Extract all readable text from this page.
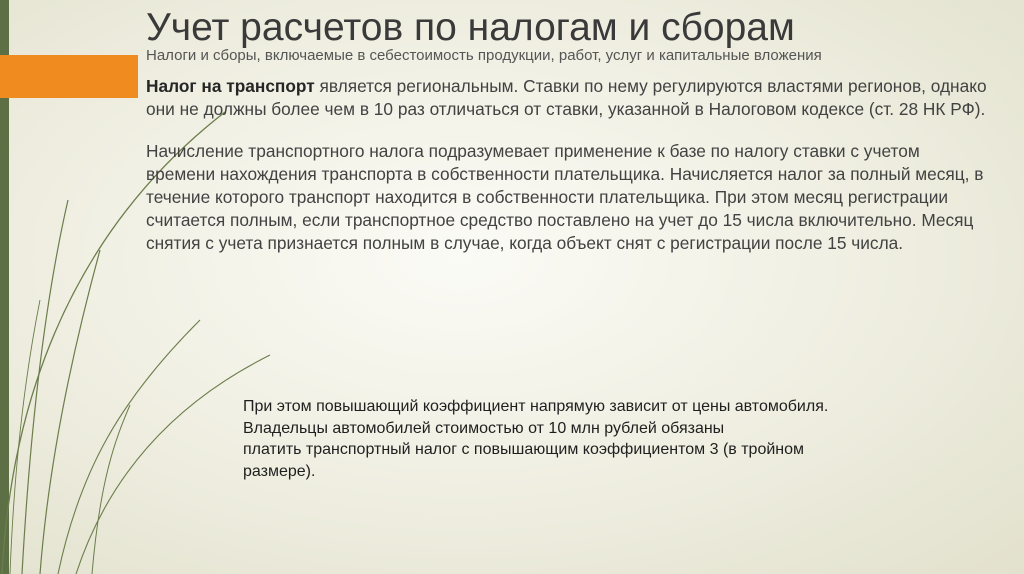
Учет расчетов по налогам и сборам
Налоги и сборы, включаемые в себестоимость продукции, работ, услуг и капитальные вложения

Налог на транспорт является региональным. Ставки по нему регулируются властями регионов, однако они не должны более чем в 10 раз отличаться от ставки, указанной в Налоговом кодексе (ст. 28 НК РФ).

Начисление транспортного налога подразумевает применение к базе по налогу ставки с учетом времени нахождения транспорта в собственности плательщика. Начисляется налог за полный месяц, в течение которого транспорт находится в собственности плательщика. При этом месяц регистрации считается полным, если транспортное средство поставлено на учет до 15 числа включительно. Месяц снятия с учета признается полным в случае, когда объект снят с регистрации после 15 числа.

При этом повышающий коэффициент напрямую зависит от цены автомобиля.
Владельцы автомобилей стоимостью от 10 млн рублей обязаны
платить транспортный налог с повышающим коэффициентом 3 (в тройном
размере).
